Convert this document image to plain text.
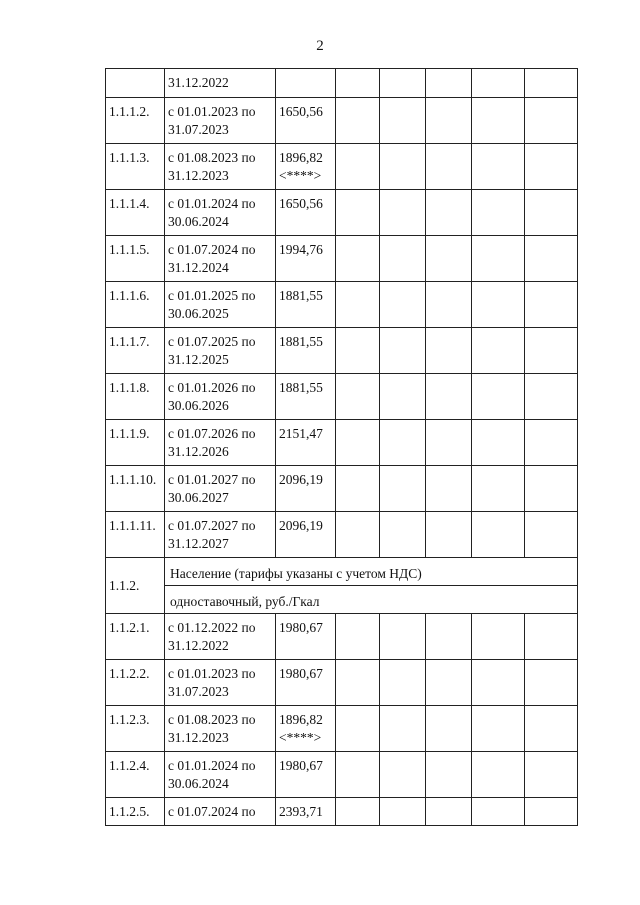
2
	31.12.2022						
1.1.1.2.	с 01.01.2023 по
31.07.2023	1650,56					

1.1.1.3.	с 01.08.2023 по
31.12.2023	1896,82
<****>					

1.1.1.4.	с 01.01.2024 по
30.06.2024	1650,56					

1.1.1.5.	с 01.07.2024 по
31.12.2024	1994,76					

1.1.1.6.	с 01.01.2025 по
30.06.2025	1881,55					

1.1.1.7.	с 01.07.2025 по
31.12.2025	1881,55					

1.1.1.8.	с 01.01.2026 по
30.06.2026	1881,55					

1.1.1.9.	с 01.07.2026 по
31.12.2026	2151,47					

1.1.1.10.	с 01.01.2027 по
30.06.2027	2096,19					

1.1.1.11.	с 01.07.2027 по
31.12.2027	2096,19					

1.1.2.	Население (тарифы указаны с учетом НДС)						
	одноставочный, руб./Гкал						
1.1.2.1.	с 01.12.2022 по
31.12.2022	1980,67					

1.1.2.2.	с 01.01.2023 по
31.07.2023	1980,67					

1.1.2.3.	с 01.08.2023 по
31.12.2023	1896,82
<****>					

1.1.2.4.	с 01.01.2024 по
30.06.2024	1980,67					

1.1.2.5.	с 01.07.2024 по	2393,71					
